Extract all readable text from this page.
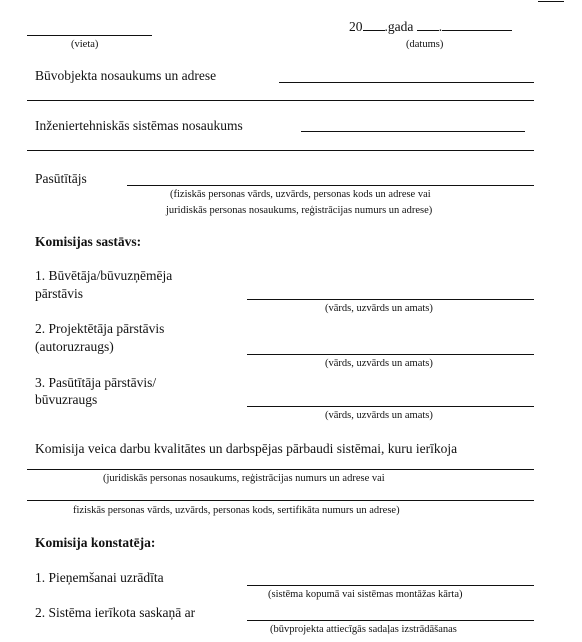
(vieta)
20 .gada .
(datums)
Būvobjekta nosaukums un adrese
Inženiertehniskās sistēmas nosaukums
Pasūtītājs
(fiziskās personas vārds, uzvārds, personas kods un adrese vai
juridiskās personas nosaukums, reģistrācijas numurs un adrese)
Komisijas sastāvs:
1. Būvētāja/būvuzņēmēja
pārstāvis
(vārds, uzvārds un amats)
2. Projektētāja pārstāvis
(autoruzraugs)
(vārds, uzvārds un amats)
3. Pasūtītāja pārstāvis/
būvuzraugs
(vārds, uzvārds un amats)
Komisija veica darbu kvalitātes un darbspējas pārbaudi sistēmai, kuru ierīkoja
(juridiskās personas nosaukums, reģistrācijas numurs un adrese vai
fiziskās personas vārds, uzvārds, personas kods, sertifikāta numurs un adrese)
Komisija konstatēja:
1. Pieņemšanai uzrādīta
(sistēma kopumā vai sistēmas montāžas kārta)
2. Sistēma ierīkota saskaņā ar
(būvprojekta attiecīgās sadaļas izstrādāšanas
